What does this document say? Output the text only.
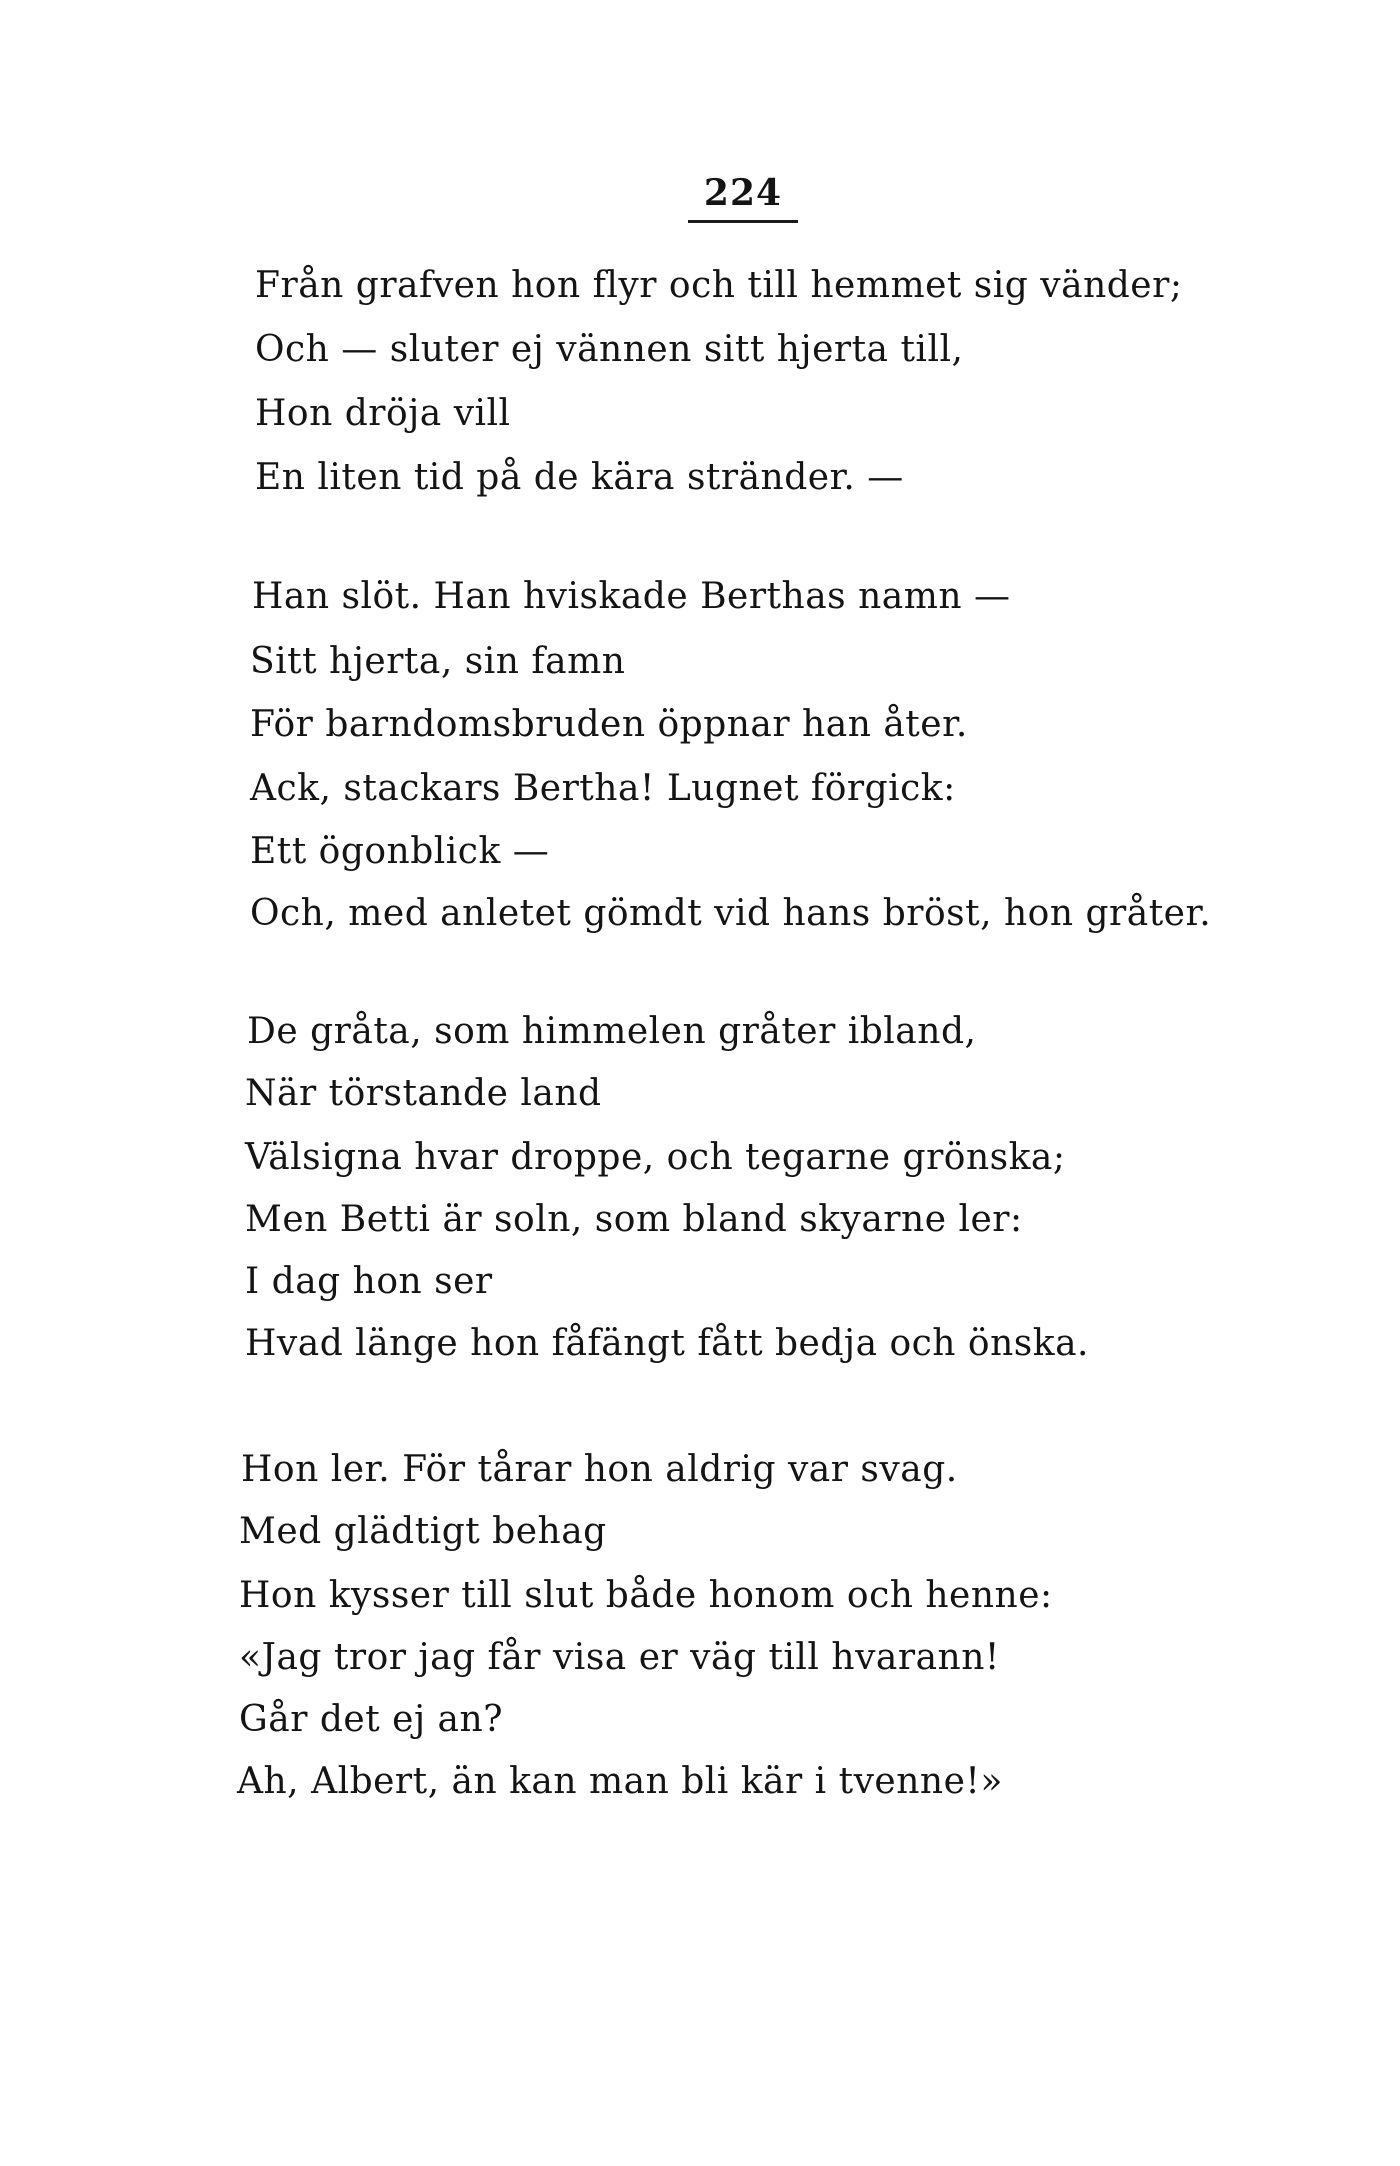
224
Från grafven hon flyr och till hemmet sig vänder;
Och — sluter ej vännen sitt hjerta till,
Hon dröja vill
En liten tid på de kära stränder. —
Han slöt. Han hviskade Berthas namn —
Sitt hjerta, sin famn
För barndomsbruden öppnar han åter.
Ack, stackars Bertha! Lugnet förgick:
Ett ögonblick —
Och, med anletet gömdt vid hans bröst, hon gråter.
De gråta, som himmelen gråter ibland,
När törstande land
Välsigna hvar droppe, och tegarne grönska;
Men Betti är soln, som bland skyarne ler:
I dag hon ser
Hvad länge hon fåfängt fått bedja och önska.
Hon ler. För tårar hon aldrig var svag.
Med glädtigt behag
Hon kysser till slut både honom och henne:
«Jag tror jag får visa er väg till hvarann!
Går det ej an?
Ah, Albert, än kan man bli kär i tvenne!»
